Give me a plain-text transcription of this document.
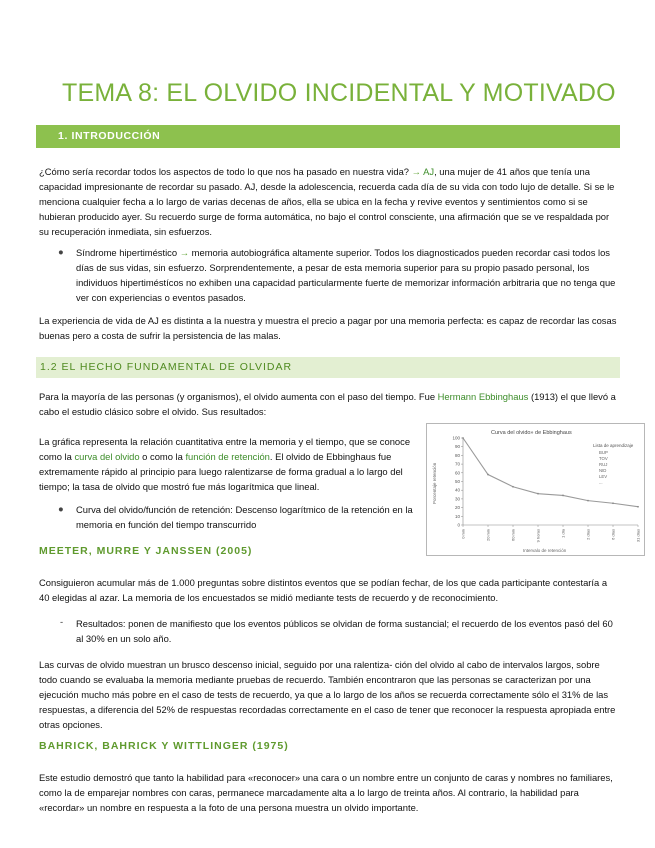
TEMA 8: EL OLVIDO INCIDENTAL Y MOTIVADO
1. INTRODUCCIÓN

¿Cómo sería recordar todos los aspectos de todo lo que nos ha pasado en nuestra vida? → AJ, una mujer de 41 años que tenía una capacidad impresionante de recordar su pasado. AJ, desde la adolescencia, recuerda cada día de su vida con todo lujo de detalle. Si se le menciona cualquier fecha a lo largo de varias decenas de años, ella se ubica en la fecha y revive eventos y sentimientos como si se hubieran producido ayer. Su recuerdo surge de forma automática, no bajo el control consciente, una afirmación que se ve respaldada por su recuperación inmediata, sin esfuerzos.

● Síndrome hipertiméstico → memoria autobiográfica altamente superior. Todos los diagnosticados pueden recordar casi todos los días de sus vidas, sin esfuerzo. Sorprendentemente, a pesar de esta memoria superior para su propio pasado personal, los individuos hipertiméstícos no exhiben una capacidad particularmente fuerte de memorizar información arbitraria que no tenga que ver con experiencias o eventos pasados.

La experiencia de vida de AJ es distinta a la nuestra y muestra el precio a pagar por una memoria perfecta: es capaz de recordar las cosas buenas pero a costa de sufrir la persistencia de las malas.

1.2 EL HECHO FUNDAMENTAL DE OLVIDAR

Para la mayoría de las personas (y organismos), el olvido aumenta con el paso del tiempo. Fue Hermann Ebbinghaus (1913) el que llevó a cabo el estudio clásico sobre el olvido. Sus resultados:

La gráfica representa la relación cuantitativa entre la memoria y el tiempo, que se conoce como la curva del olvido o como la función de retención. El olvido de Ebbinghaus fue extremamente rápido al principio para luego ralentizarse de forma gradual a lo largo del tiempo; la tasa de olvido que mostró fue más logarítmica que lineal.

● Curva del olvido/función de retención: Descenso logarítmico de la retención en la memoria en función del tiempo transcurrido

Curva del olvido» de Ebbinghaus
Porcentaje retención
Intervalo de retención
Lista de aprendizaje
BUP
TOV
RUJ
NID
LEV
...
100
90
80
70
60
50
40
30
20
10
0
0 min	20 min	60 min	9 horas	1 día	2 días	6 días	31 días
MEETER, MURRE Y JANSSEN (2005)

Consiguieron acumular más de 1.000 preguntas sobre distintos eventos que se podían fechar, de los que cada participante contestaría a 40 elegidas al azar. La memoria de los encuestados se midió mediante tests de recuerdo y de reconocimiento.

- Resultados: ponen de manifiesto que los eventos públicos se olvidan de forma sustancial; el recuerdo de los eventos pasó del 60 al 30% en un solo año.

Las curvas de olvido muestran un brusco descenso inicial, seguido por una ralentiza- ción del olvido al cabo de intervalos largos, sobre todo cuando se evaluaba la memoria mediante pruebas de recuerdo. También encontraron que las personas se caracterizan por una ejecución mucho más pobre en el caso de tests de recuerdo, ya que a lo largo de los años se recuerda correctamente sólo el 31% de las respuestas, a diferencia del 52% de respuestas recordadas correctamente en el caso de tener que reconocer la respuesta apropiada entre otras opciones.

BAHRICK, BAHRICK Y WITTLINGER (1975)

Este estudio demostró que tanto la habilidad para «reconocer» una cara o un nombre entre un conjunto de caras y nombres no familiares, como la de emparejar nombres con caras, permanece marcadamente alta a lo largo de treinta años. Al contrario, la habilidad para «recordar» un nombre en respuesta a la foto de una persona muestra un olvido importante.
